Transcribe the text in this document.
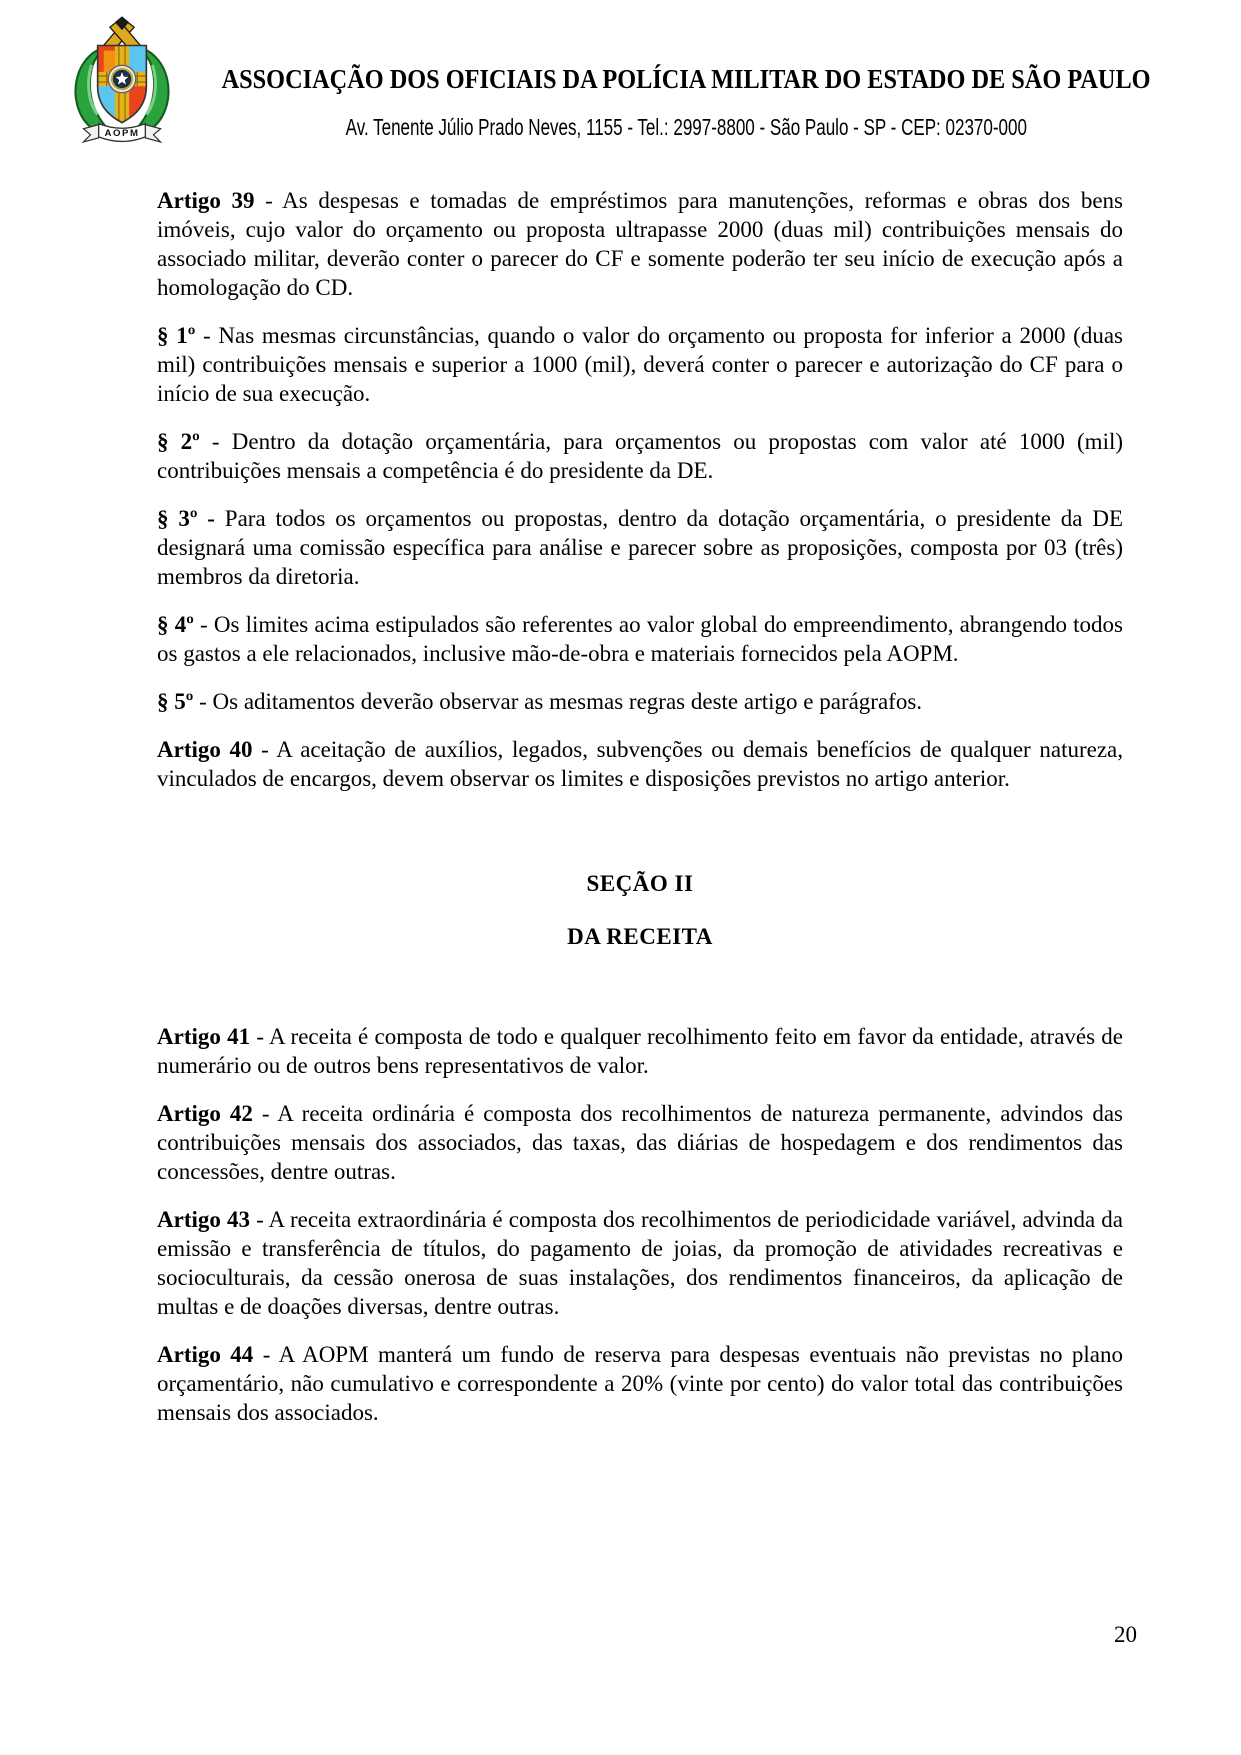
AOPM
ASSOCIAÇÃO DOS OFICIAIS DA POLÍCIA MILITAR DO ESTADO DE SÃO PAULO
Av. Tenente Júlio Prado Neves, 1155 - Tel.: 2997-8800 - São Paulo - SP - CEP: 02370-000

Artigo 39 - As despesas e tomadas de empréstimos para manutenções, reformas e obras dos bens imóveis, cujo valor do orçamento ou proposta ultrapasse 2000 (duas mil) contribuições mensais do associado militar, deverão conter o parecer do CF e somente poderão ter seu início de execução após a homologação do CD.

§ 1º - Nas mesmas circunstâncias, quando o valor do orçamento ou proposta for inferior a 2000 (duas mil) contribuições mensais e superior a 1000 (mil), deverá conter o parecer e autorização do CF para o início de sua execução.

§ 2º - Dentro da dotação orçamentária, para orçamentos ou propostas com valor até 1000 (mil) contribuições mensais a competência é do presidente da DE.

§ 3º - Para todos os orçamentos ou propostas, dentro da dotação orçamentária, o presidente da DE designará uma comissão específica para análise e parecer sobre as proposições, composta por 03 (três) membros da diretoria.

§ 4º - Os limites acima estipulados são referentes ao valor global do empreendimento, abrangendo todos os gastos a ele relacionados, inclusive mão-de-obra e materiais fornecidos pela AOPM.

§ 5º - Os aditamentos deverão observar as mesmas regras deste artigo e parágrafos.

Artigo 40 - A aceitação de auxílios, legados, subvenções ou demais benefícios de qualquer natureza, vinculados de encargos, devem observar os limites e disposições previstos no artigo anterior.

SEÇÃO II
DA RECEITA

Artigo 41 - A receita é composta de todo e qualquer recolhimento feito em favor da entidade, através de numerário ou de outros bens representativos de valor.

Artigo 42 - A receita ordinária é composta dos recolhimentos de natureza permanente, advindos das contribuições mensais dos associados, das taxas, das diárias de hospedagem e dos rendimentos das concessões, dentre outras.

Artigo 43 - A receita extraordinária é composta dos recolhimentos de periodicidade variável, advinda da emissão e transferência de títulos, do pagamento de joias, da promoção de atividades recreativas e socioculturais, da cessão onerosa de suas instalações, dos rendimentos financeiros, da aplicação de multas e de doações diversas, dentre outras.

Artigo 44 - A AOPM manterá um fundo de reserva para despesas eventuais não previstas no plano orçamentário, não cumulativo e correspondente a 20% (vinte por cento) do valor total das contribuições mensais dos associados.

20
